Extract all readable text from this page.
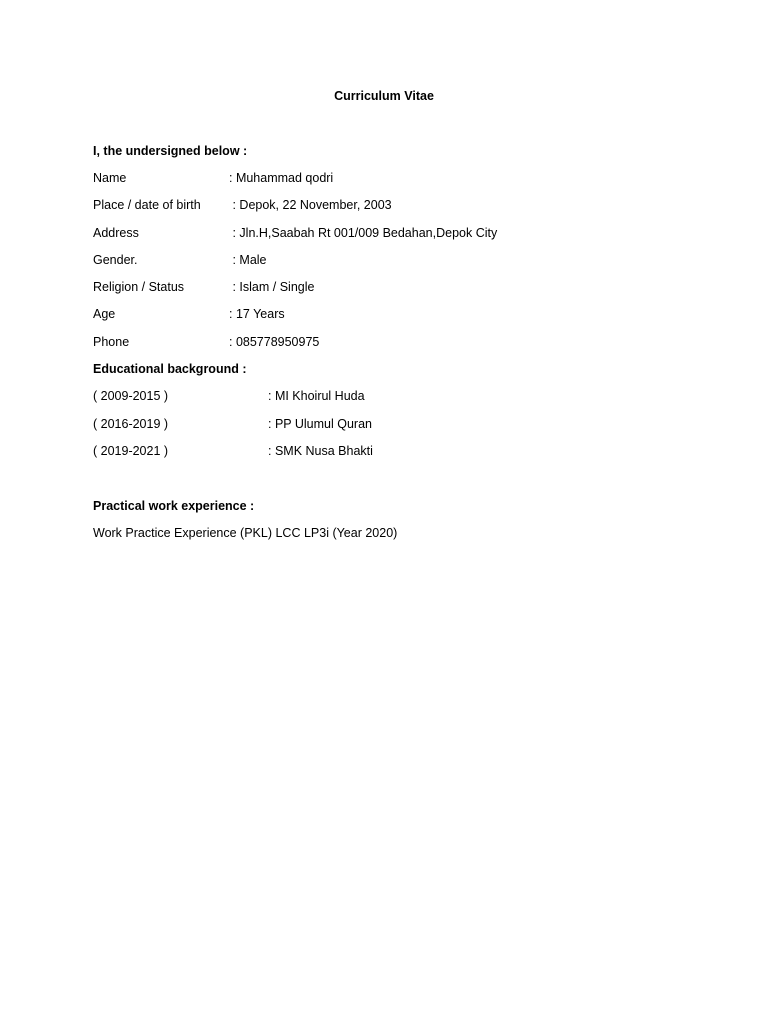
Curriculum Vitae
I, the undersigned below :
Name	: Muhammad qodri
Place / date of birth : Depok, 22 November, 2003
Address	: Jln.H,Saabah Rt 001/009 Bedahan,Depok City
Gender.	: Male
Religion / Status	: Islam / Single
Age	: 17 Years
Phone	: 085778950975
Educational background :
( 2009-2015 )	: MI Khoirul Huda
( 2016-2019 )	: PP Ulumul Quran
( 2019-2021 )	: SMK Nusa Bhakti
Practical work experience :
Work Practice Experience (PKL) LCC LP3i (Year 2020)
